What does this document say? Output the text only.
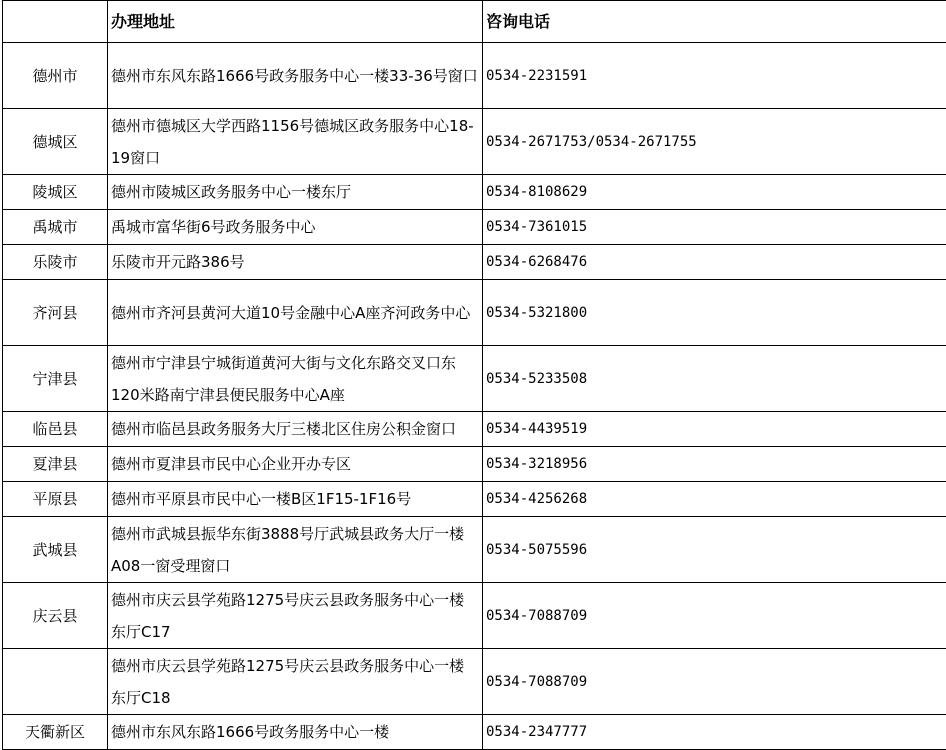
	办理地址	咨询电话
德州市	德州市东风东路1666号政务服务中心一楼33-36号窗口	0534-2231591
德城区	德州市德城区大学西路1156号德城区政务服务中心18-19窗口	0534-2671753/0534-2671755
陵城区	德州市陵城区政务服务中心一楼东厅	0534-8108629
禹城市	禹城市富华街6号政务服务中心	0534-7361015
乐陵市	乐陵市开元路386号	0534-6268476
齐河县	德州市齐河县黄河大道10号金融中心A座齐河政务中心	0534-5321800
宁津县	德州市宁津县宁城街道黄河大街与文化东路交叉口东120米路南宁津县便民服务中心A座	0534-5233508
临邑县	德州市临邑县政务服务大厅三楼北区住房公积金窗口	0534-4439519
夏津县	德州市夏津县市民中心企业开办专区	0534-3218956
平原县	德州市平原县市民中心一楼B区1F15-1F16号	0534-4256268
武城县	德州市武城县振华东街3888号厅武城县政务大厅一楼A08一窗受理窗口	0534-5075596
庆云县	德州市庆云县学苑路1275号庆云县政务服务中心一楼东厅C17	0534-7088709
	德州市庆云县学苑路1275号庆云县政务服务中心一楼东厅C18	0534-7088709
天衢新区	德州市东风东路1666号政务服务中心一楼	0534-2347777
